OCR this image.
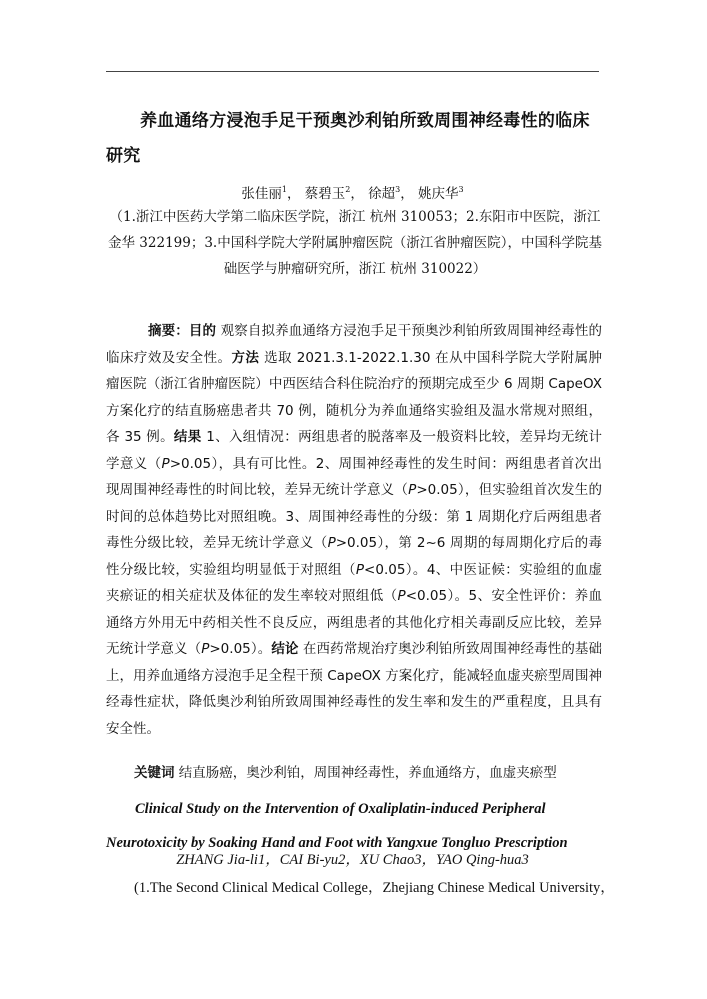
养血通络方浸泡手足干预奥沙利铂所致周围神经毒性的临床研究
张佳丽$^1$， 蔡碧玉$^2$， 徐超$^3$， 姚庆华$^3$
（1.浙江中医药大学第二临床医学院，浙江 杭州 310053；2.东阳市中医院，浙江 金华 322199；3.中国科学院大学附属肿瘤医院（浙江省肿瘤医院），中国科学院基础医学与肿瘤研究所，浙江 杭州 310022）
摘要：目的 观察自拟养血通络方浸泡手足干预奥沙利铂所致周围神经毒性的临床疗效及安全性。方法 选取 2021.3.1-2022.1.30 在从中国科学院大学附属肿瘤医院（浙江省肿瘤医院）中西医结合科住院治疗的预期完成至少 6 周期 CapeOX 方案化疗的结直肠癌患者共 70 例，随机分为养血通络实验组及温水常规对照组，各 35 例。结果 1、入组情况：两组患者的脱落率及一般资料比较，差异均无统计学意义（P>0.05），具有可比性。2、周围神经毒性的发生时间：两组患者首次出现周围神经毒性的时间比较，差异无统计学意义（P>0.05），但实验组首次发生的时间的总体趋势比对照组晚。3、周围神经毒性的分级：第 1 周期化疗后两组患者毒性分级比较，差异无统计学意义（P>0.05），第 2~6 周期的每周期化疗后的毒性分级比较，实验组均明显低于对照组（P<0.05）。4、中医证候：实验组的血虚夹瘀证的相关症状及体征的发生率较对照组低（P<0.05）。5、安全性评价：养血通络方外用无中药相关性不良反应，两组患者的其他化疗相关毒副反应比较，差异无统计学意义（P>0.05）。结论 在西药常规治疗奥沙利铂所致周围神经毒性的基础上，用养血通络方浸泡手足全程干预 CapeOX 方案化疗，能减轻血虚夹瘀型周围神经毒性症状，降低奥沙利铂所致周围神经毒性的发生率和发生的严重程度，且具有安全性。
关键词 结直肠癌，奥沙利铂，周围神经毒性，养血通络方，血虚夹瘀型
Clinical Study on the Intervention of Oxaliplatin-induced Peripheral Neurotoxicity by Soaking Hand and Foot with Yangxue Tongluo Prescription
ZHANG Jia-li1，CAI Bi-yu2，XU Chao3，YAO Qing-hua3
(1.The Second Clinical Medical College，Zhejiang Chinese Medical University，
